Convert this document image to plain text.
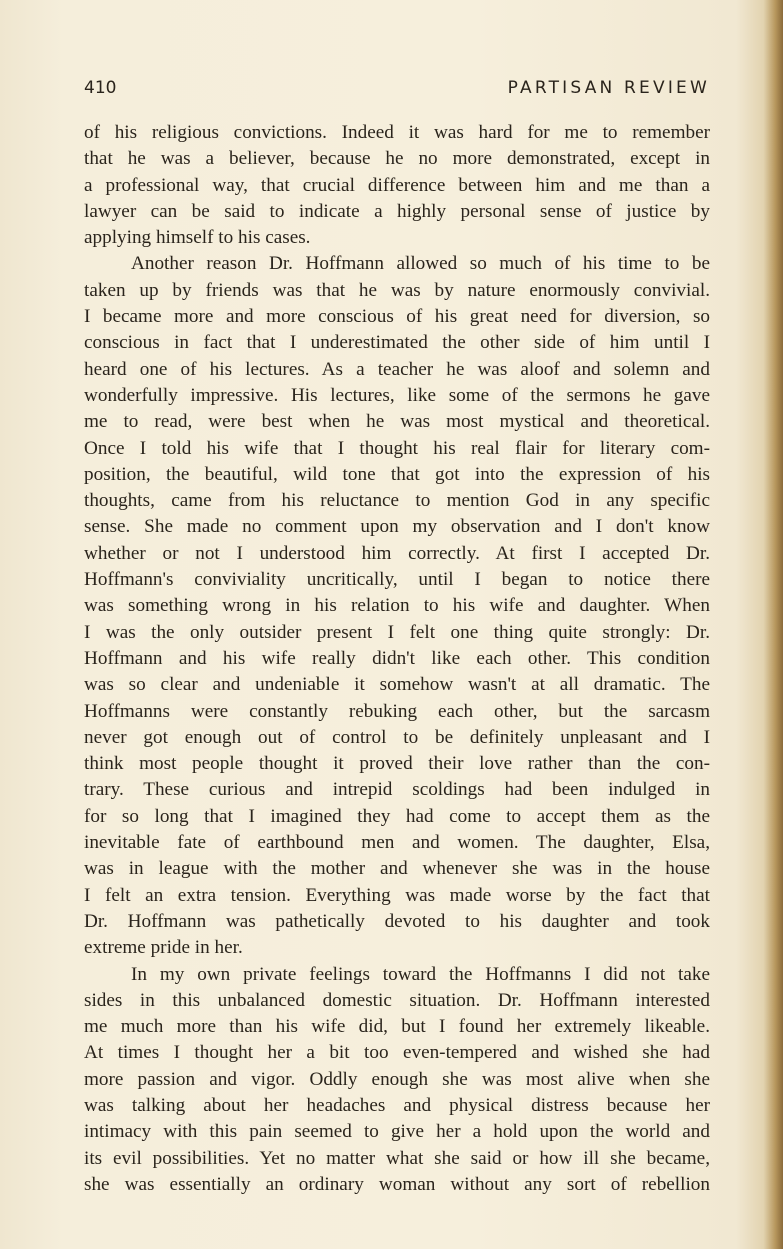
410	PARTISAN REVIEW
of his religious convictions. Indeed it was hard for me to remember
that he was a believer, because he no more demonstrated, except in
a professional way, that crucial difference between him and me than a
lawyer can be said to indicate a highly personal sense of justice by
applying himself to his cases.
Another reason Dr. Hoffmann allowed so much of his time to be
taken up by friends was that he was by nature enormously convivial.
I became more and more conscious of his great need for diversion, so
conscious in fact that I underestimated the other side of him until I
heard one of his lectures. As a teacher he was aloof and solemn and
wonderfully impressive. His lectures, like some of the sermons he gave
me to read, were best when he was most mystical and theoretical.
Once I told his wife that I thought his real flair for literary com-
position, the beautiful, wild tone that got into the expression of his
thoughts, came from his reluctance to mention God in any specific
sense. She made no comment upon my observation and I don't know
whether or not I understood him correctly. At first I accepted Dr.
Hoffmann's conviviality uncritically, until I began to notice there
was something wrong in his relation to his wife and daughter. When
I was the only outsider present I felt one thing quite strongly: Dr.
Hoffmann and his wife really didn't like each other. This condition
was so clear and undeniable it somehow wasn't at all dramatic. The
Hoffmanns were constantly rebuking each other, but the sarcasm
never got enough out of control to be definitely unpleasant and I
think most people thought it proved their love rather than the con-
trary. These curious and intrepid scoldings had been indulged in
for so long that I imagined they had come to accept them as the
inevitable fate of earthbound men and women. The daughter, Elsa,
was in league with the mother and whenever she was in the house
I felt an extra tension. Everything was made worse by the fact that
Dr. Hoffmann was pathetically devoted to his daughter and took
extreme pride in her.
In my own private feelings toward the Hoffmanns I did not take
sides in this unbalanced domestic situation. Dr. Hoffmann interested
me much more than his wife did, but I found her extremely likeable.
At times I thought her a bit too even-tempered and wished she had
more passion and vigor. Oddly enough she was most alive when she
was talking about her headaches and physical distress because her
intimacy with this pain seemed to give her a hold upon the world and
its evil possibilities. Yet no matter what she said or how ill she became,
she was essentially an ordinary woman without any sort of rebellion
